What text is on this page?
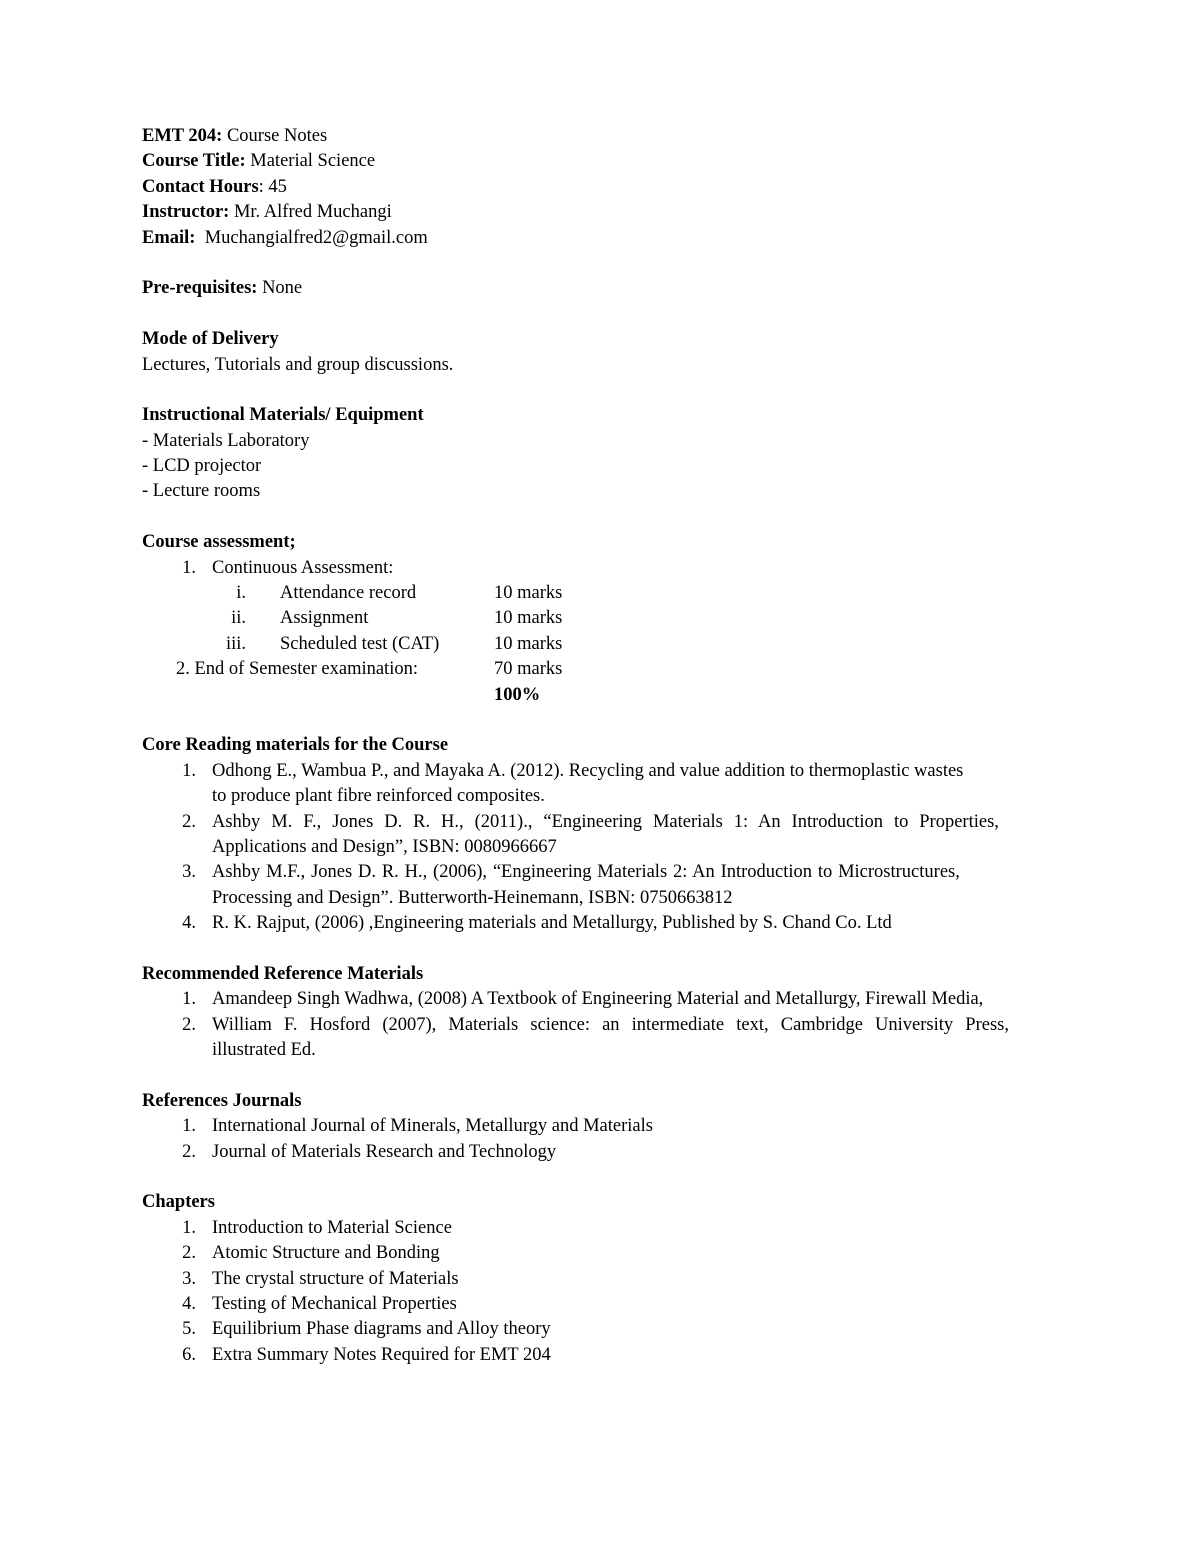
EMT 204: Course Notes
Course Title: Material Science
Contact Hours: 45
Instructor: Mr. Alfred Muchangi
Email: Muchangialfred2@gmail.com
Pre-requisites: None
Mode of Delivery
Lectures, Tutorials and group discussions.
Instructional Materials/ Equipment
- Materials Laboratory
- LCD projector
- Lecture rooms
Course assessment;
1. Continuous Assessment:
i. Attendance record	10 marks
ii. Assignment	10 marks
iii. Scheduled test (CAT)	10 marks
2. End of Semester examination:	70 marks
100%
Core Reading materials for the Course
1. Odhong E., Wambua P., and Mayaka A. (2012). Recycling and value addition to thermoplastic wastes
to produce plant fibre reinforced composites.
2. Ashby M. F., Jones D. R. H., (2011)., “Engineering Materials 1: An Introduction to Properties,
Applications and Design”, ISBN: 0080966667
3. Ashby M.F., Jones D. R. H., (2006), “Engineering Materials 2: An Introduction to Microstructures,
Processing and Design”. Butterworth-Heinemann, ISBN: 0750663812
4. R. K. Rajput, (2006) ,Engineering materials and Metallurgy, Published by S. Chand Co. Ltd
Recommended Reference Materials
1. Amandeep Singh Wadhwa, (2008) A Textbook of Engineering Material and Metallurgy, Firewall Media,
2. William F. Hosford (2007), Materials science: an intermediate text, Cambridge University Press,
illustrated Ed.
References Journals
1. International Journal of Minerals, Metallurgy and Materials
2. Journal of Materials Research and Technology
Chapters
1. Introduction to Material Science
2. Atomic Structure and Bonding
3. The crystal structure of Materials
4. Testing of Mechanical Properties
5. Equilibrium Phase diagrams and Alloy theory
6. Extra Summary Notes Required for EMT 204
